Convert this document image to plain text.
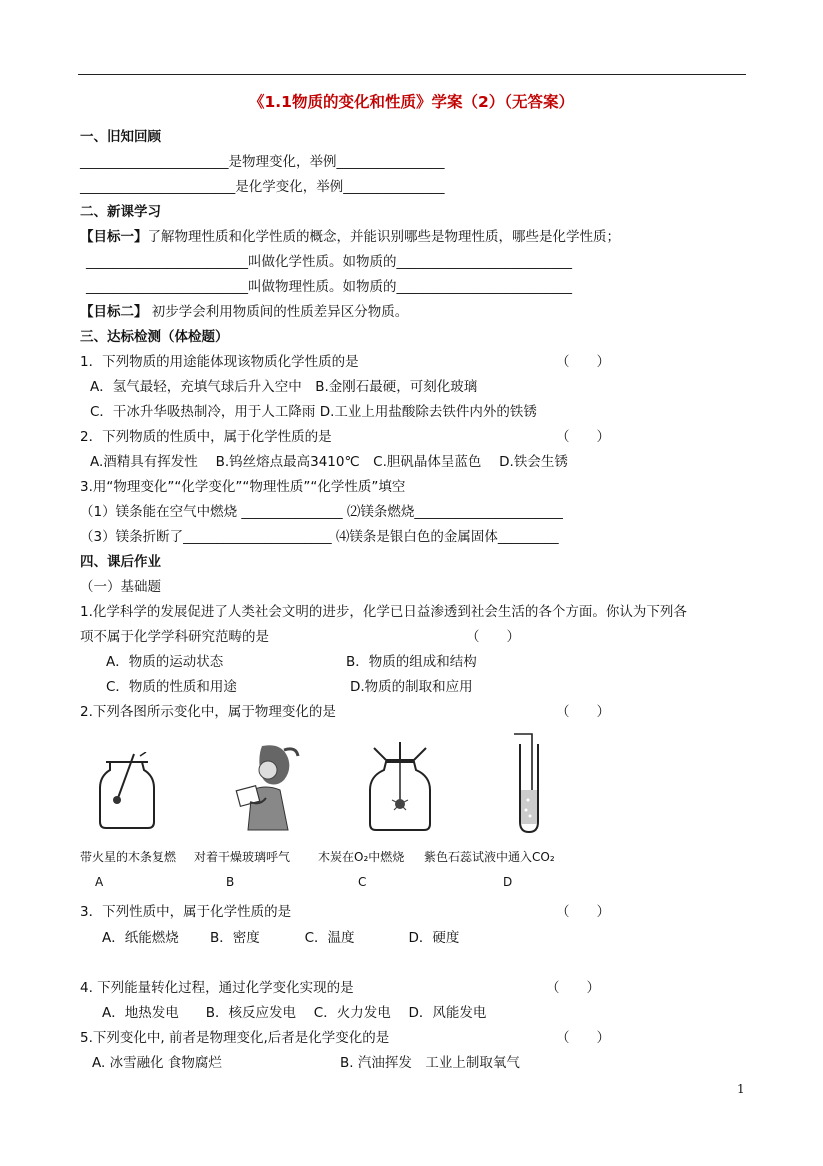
《1.1物质的变化和性质》学案（2）（无答案）
一、旧知回顾
______________________是物理变化，举例________________
_______________________是化学变化，举例_______________
二、新课学习
【目标一】了解物理性质和化学性质的概念，并能识别哪些是物理性质，哪些是化学性质；
________________________叫做化学性质。如物质的__________________________
________________________叫做物理性质。如物质的__________________________
【目标二】 初步学会利用物质间的性质差异区分物质。
三、达标检测（体检题）
1．下列物质的用途能体现该物质化学性质的是	（　　）
A．氢气最轻，充填气球后升入空中　B.金刚石最硬，可刻化玻璃
C．干冰升华吸热制冷，用于人工降雨 D.工业上用盐酸除去铁件内外的铁锈
2．下列物质的性质中，属于化学性质的是	（　　）
A.酒精具有挥发性　 B.钨丝熔点最高3410℃　C.胆矾晶体呈蓝色　 D.铁会生锈
3.用“物理变化”“化学变化”“物理性质”“化学性质”填空
（1）镁条能在空气中燃烧 _______________ ⑵镁条燃烧______________________
（3）镁条折断了______________________ ⑷镁条是银白色的金属固体_________
四、课后作业
（一）基础题
1.化学科学的发展促进了人类社会文明的进步，化学已日益渗透到社会生活的各个方面。你认为下列各
项不属于化学学科研究范畴的是	（　　）
A．物质的运动状态	B．物质的组成和结构
C．物质的性质和用途	D.物质的制取和应用
2.下列各图所示变化中，属于物理变化的是	（　　）
带火星的木条复燃 对着干燥玻璃呼气 木炭在O₂中燃烧 紫色石蕊试液中通入CO₂
A	B	C	D
3．下列性质中，属于化学性质的是	（　　）
A．纸能燃烧　　 B．密度　　　 C．温度　　　　D．硬度
4. 下列能量转化过程，通过化学变化实现的是	（　　）
A．地热发电　　B．核反应发电　 C．火力发电　 D．风能发电
5.下列变化中, 前者是物理变化,后者是化学变化的是	（　　）
A. 冰雪融化 食物腐烂	B. 汽油挥发　工业上制取氧气
1
